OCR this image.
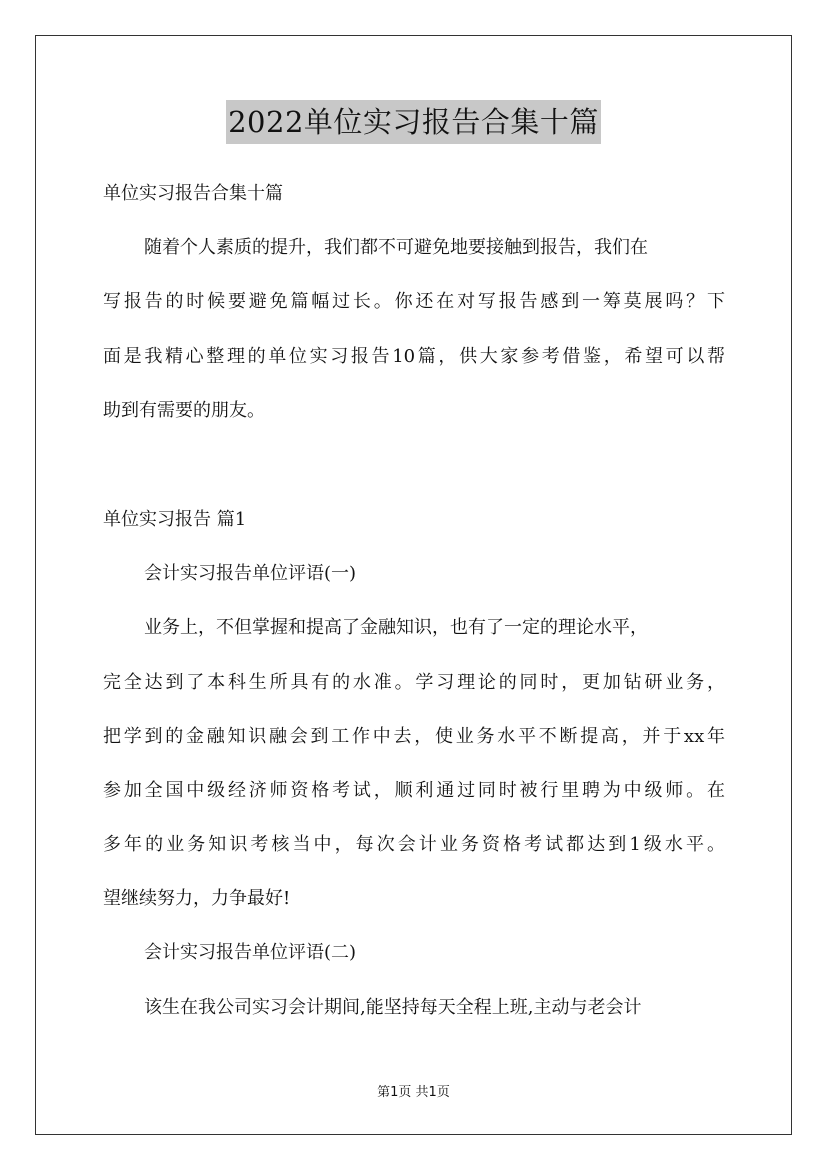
2022单位实习报告合集十篇
单位实习报告合集十篇
随着个人素质的提升，我们都不可避免地要接触到报告，我们在
写报告的时候要避免篇幅过长。你还在对写报告感到一筹莫展吗？下
面是我精心整理的单位实习报告10篇，供大家参考借鉴，希望可以帮
助到有需要的朋友。
单位实习报告 篇1
会计实习报告单位评语(一)
业务上，不但掌握和提高了金融知识，也有了一定的理论水平，
完全达到了本科生所具有的水准。学习理论的同时，更加钻研业务，
把学到的金融知识融会到工作中去，使业务水平不断提高，并于xx年
参加全国中级经济师资格考试，顺利通过同时被行里聘为中级师。在
多年的业务知识考核当中，每次会计业务资格考试都达到1级水平。
望继续努力，力争最好!
会计实习报告单位评语(二)
该生在我公司实习会计期间,能坚持每天全程上班,主动与老会计
第1页 共1页
